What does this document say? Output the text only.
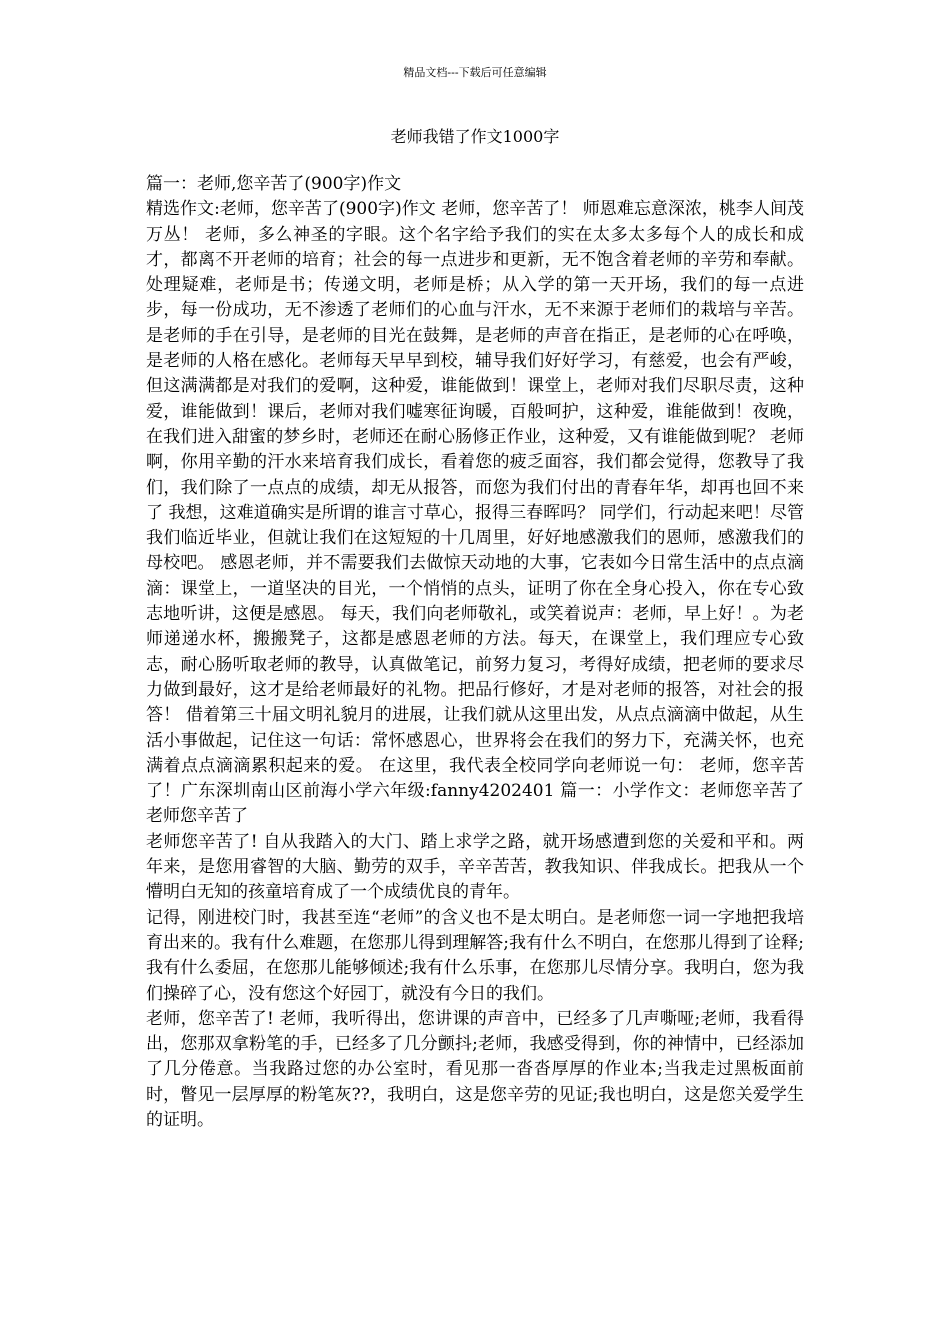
精品文档---下载后可任意编辑
老师我错了作文1000字

篇一：老师,您辛苦了(900字)作文

精选作文:老师，您辛苦了(900字)作文 老师，您辛苦了！ 师恩难忘意深浓，桃李人间茂万丛！ 老师，多么神圣的字眼。这个名字给予我们的实在太多太多每个人的成长和成才，都离不开老师的培育；社会的每一点进步和更新，无不饱含着老师的辛劳和奉献。处理疑难，老师是书；传递文明，老师是桥；从入学的第一天开场，我们的每一点进步，每一份成功，无不渗透了老师们的心血与汗水，无不来源于老师们的栽培与辛苦。是老师的手在引导，是老师的目光在鼓舞，是老师的声音在指正，是老师的心在呼唤，是老师的人格在感化。老师每天早早到校，辅导我们好好学习，有慈爱，也会有严峻，但这满满都是对我们的爱啊，这种爱，谁能做到！课堂上，老师对我们尽职尽责，这种爱，谁能做到！课后，老师对我们嘘寒征询暖，百般呵护，这种爱，谁能做到！夜晚，在我们进入甜蜜的梦乡时，老师还在耐心肠修正作业，这种爱，又有谁能做到呢？ 老师啊，你用辛勤的汗水来培育我们成长，看着您的疲乏面容，我们都会觉得，您教导了我们，我们除了一点点的成绩，却无从报答，而您为我们付出的青春年华，却再也回不来了 我想，这难道确实是所谓的谁言寸草心，报得三春晖吗？ 同学们，行动起来吧！尽管我们临近毕业，但就让我们在这短短的十几周里，好好地感激我们的恩师，感激我们的母校吧。 感恩老师，并不需要我们去做惊天动地的大事，它表如今日常生活中的点点滴滴：课堂上，一道坚决的目光，一个悄悄的点头，证明了你在全身心投入，你在专心致志地听讲，这便是感恩。 每天，我们向老师敬礼，或笑着说声：老师，早上好！。为老师递递水杯，搬搬凳子，这都是感恩老师的方法。每天，在课堂上，我们理应专心致志，耐心肠听取老师的教导，认真做笔记，前努力复习，考得好成绩，把老师的要求尽力做到最好，这才是给老师最好的礼物。把品行修好，才是对老师的报答，对社会的报答！ 借着第三十届文明礼貌月的进展，让我们就从这里出发，从点点滴滴中做起，从生活小事做起，记住这一句话：常怀感恩心，世界将会在我们的努力下，充满关怀，也充满着点点滴滴累积起来的爱。 在这里，我代表全校同学向老师说一句： 老师，您辛苦了！广东深圳南山区前海小学六年级:fanny4202401 篇一：小学作文：老师您辛苦了 老师您辛苦了

老师您辛苦了! 自从我踏入的大门、踏上求学之路，就开场感遭到您的关爱和平和。两年来，是您用睿智的大脑、勤劳的双手，辛辛苦苦，教我知识、伴我成长。把我从一个懵明白无知的孩童培育成了一个成绩优良的青年。

记得，刚进校门时，我甚至连“老师”的含义也不是太明白。是老师您一词一字地把我培育出来的。我有什么难题，在您那儿得到理解答;我有什么不明白，在您那儿得到了诠释;我有什么委屈，在您那儿能够倾述;我有什么乐事，在您那儿尽情分享。我明白，您为我们操碎了心，没有您这个好园丁，就没有今日的我们。

老师，您辛苦了! 老师，我听得出，您讲课的声音中，已经多了几声嘶哑;老师，我看得出，您那双拿粉笔的手，已经多了几分颤抖;老师，我感受得到，你的神情中，已经添加了几分倦意。当我路过您的办公室时，看见那一沓沓厚厚的作业本;当我走过黑板面前时，瞥见一层厚厚的粉笔灰??，我明白，这是您辛劳的见证;我也明白，这是您关爱学生的证明。
